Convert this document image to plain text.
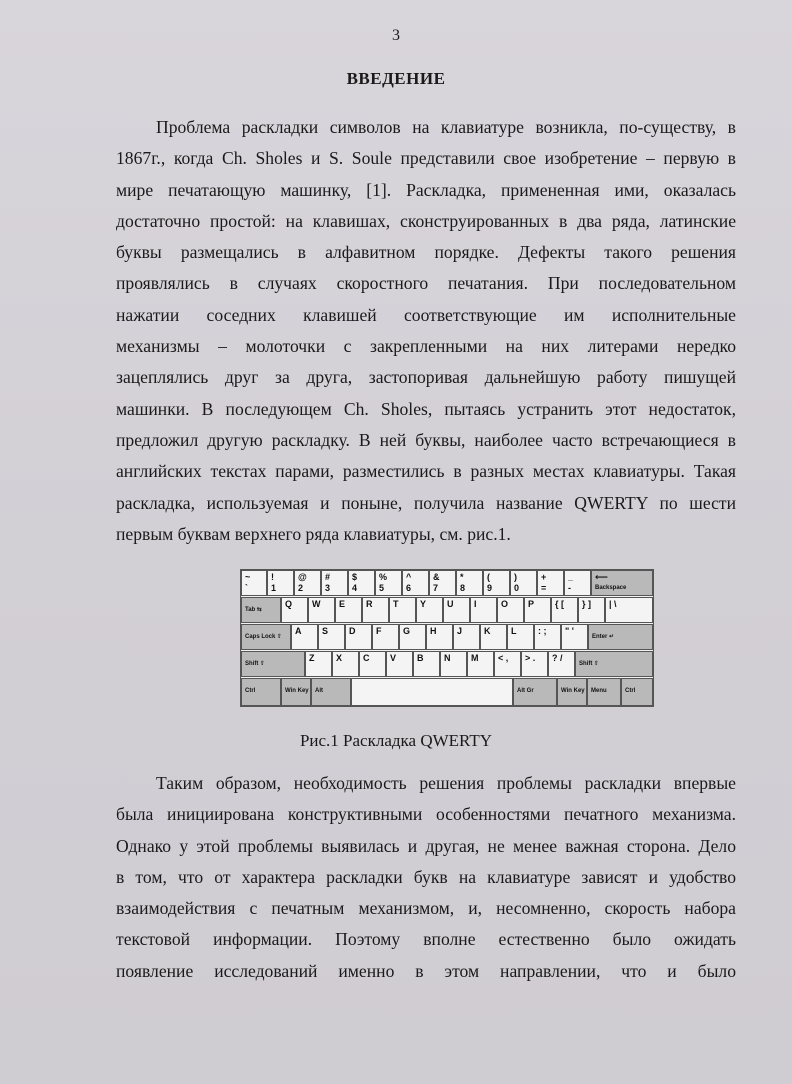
3
ВВЕДЕНИЕ
Проблема раскладки символов на клавиатуре возникла, по-существу, в
1867г., когда Ch. Sholes и S. Soule представили свое изобретение – первую в
мире печатающую машинку, [1]. Раскладка, примененная ими, оказалась
достаточно простой: на клавишах, сконструированных в два ряда, латинские
буквы размещались в алфавитном порядке. Дефекты такого решения
проявлялись в случаях скоростного печатания. При последовательном
нажатии соседних клавишей соответствующие им исполнительные
механизмы – молоточки с закрепленными на них литерами нередко
зацеплялись друг за друга, застопоривая дальнейшую работу пишущей
машинки. В последующем Ch. Sholes, пытаясь устранить этот недостаток,
предложил другую раскладку. В ней буквы, наиболее часто встречающиеся в
английских текстах парами, разместились в разных местах клавиатуры. Такая
раскладка, используемая и поныне, получила название QWERTY по шести
первым буквам верхнего ряда клавиатуры, см. рис.1.
~
`
!
1
@
2
#
3
$
4
%
5
^
6
&
7
*
8
(
9
)
0
+
=
_
-
⟵
Backspace
Tab ⇆
Q W E R T Y U I	O P { [ } ] | \
Caps Lock ⇧
A S D F G H J K L : ; " '
Enter ↵
Shift ⇧
Z X C V B N M < , > . ? /
Shift ⇧
Ctrl	Win Key Alt	Alt Gr	Win Key Menu	Ctrl
Рис.1 Раскладка QWERTY
Таким образом, необходимость решения проблемы раскладки впервые
была инициирована конструктивными особенностями печатного механизма.
Однако у этой проблемы выявилась и другая, не менее важная сторона. Дело
в том, что от характера раскладки букв на клавиатуре зависят и удобство
взаимодействия с печатным механизмом, и, несомненно, скорость набора
текстовой информации. Поэтому вполне естественно было ожидать
появление исследований именно в этом направлении, что и было
